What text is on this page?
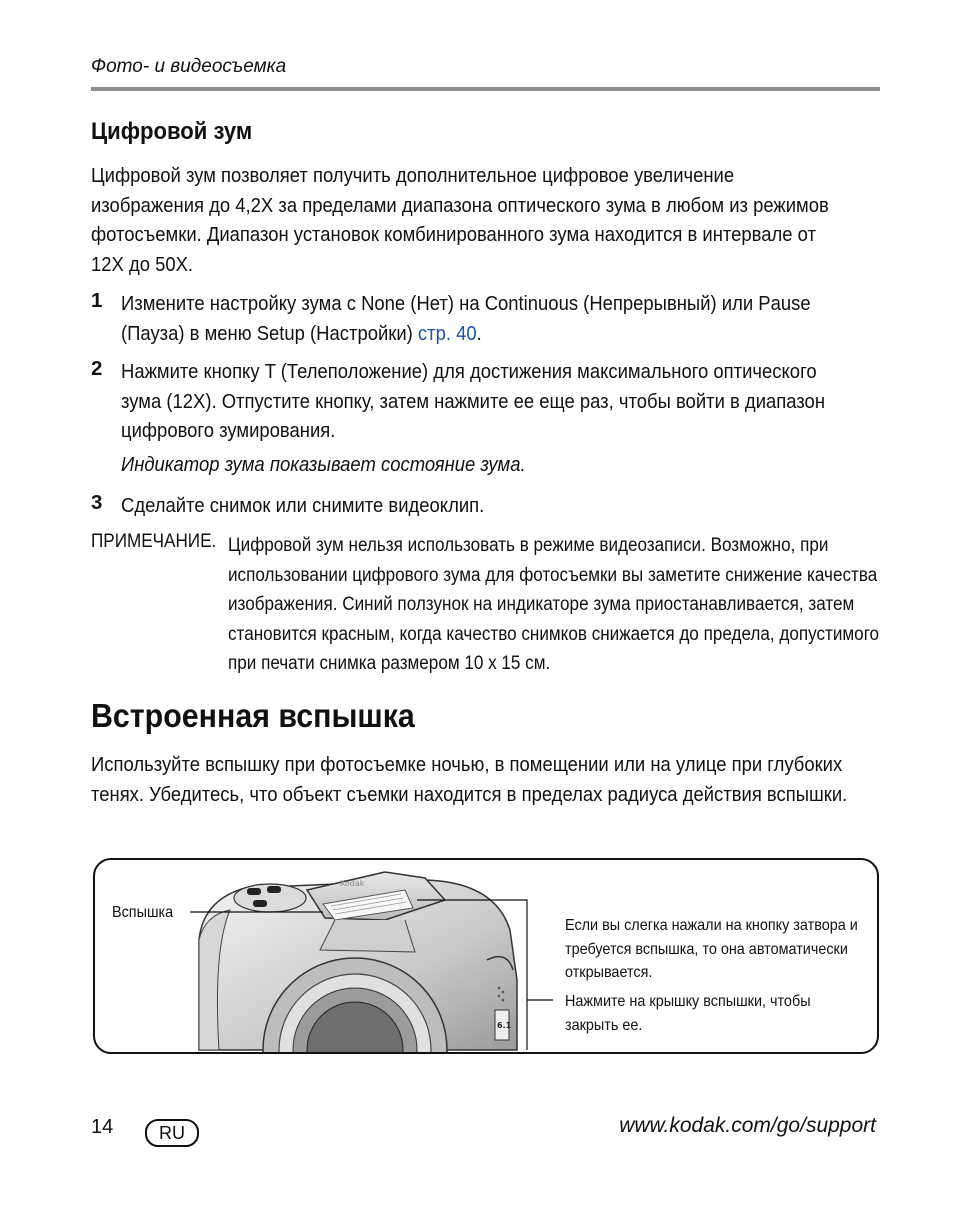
Фото- и видеосъемка
Цифровой зум
Цифровой зум позволяет получить дополнительное цифровое увеличение изображения до 4,2X за пределами диапазона оптического зума в любом из режимов фотосъемки. Диапазон установок комбинированного зума находится в интервале от 12X до 50X.
1 Измените настройку зума с None (Нет) на Continuous (Непрерывный) или Pause (Пауза) в меню Setup (Настройки) стр. 40.
2 Нажмите кнопку T (Телеположение) для достижения максимального оптического зума (12X). Отпустите кнопку, затем нажмите ее еще раз, чтобы войти в диапазон цифрового зумирования.
Индикатор зума показывает состояние зума.
3 Сделайте снимок или снимите видеоклип.
ПРИМЕЧАНИЕ. Цифровой зум нельзя использовать в режиме видеозаписи. Возможно, при использовании цифрового зума для фотосъемки вы заметите снижение качества изображения. Синий ползунок на индикаторе зума приостанавливается, затем становится красным, когда качество снимков снижается до предела, допустимого при печати снимка размером 10 x 15 см.
Встроенная вспышка
Используйте вспышку при фотосъемке ночью, в помещении или на улице при глубоких тенях. Убедитесь, что объект съемки находится в пределах радиуса действия вспышки.
Kodak
6.1
Вспышка
Если вы слегка нажали на кнопку затвора и требуется вспышка, то она автоматически открывается.
Нажмите на крышку вспышки, чтобы закрыть ее.
14	RU	www.kodak.com/go/support
